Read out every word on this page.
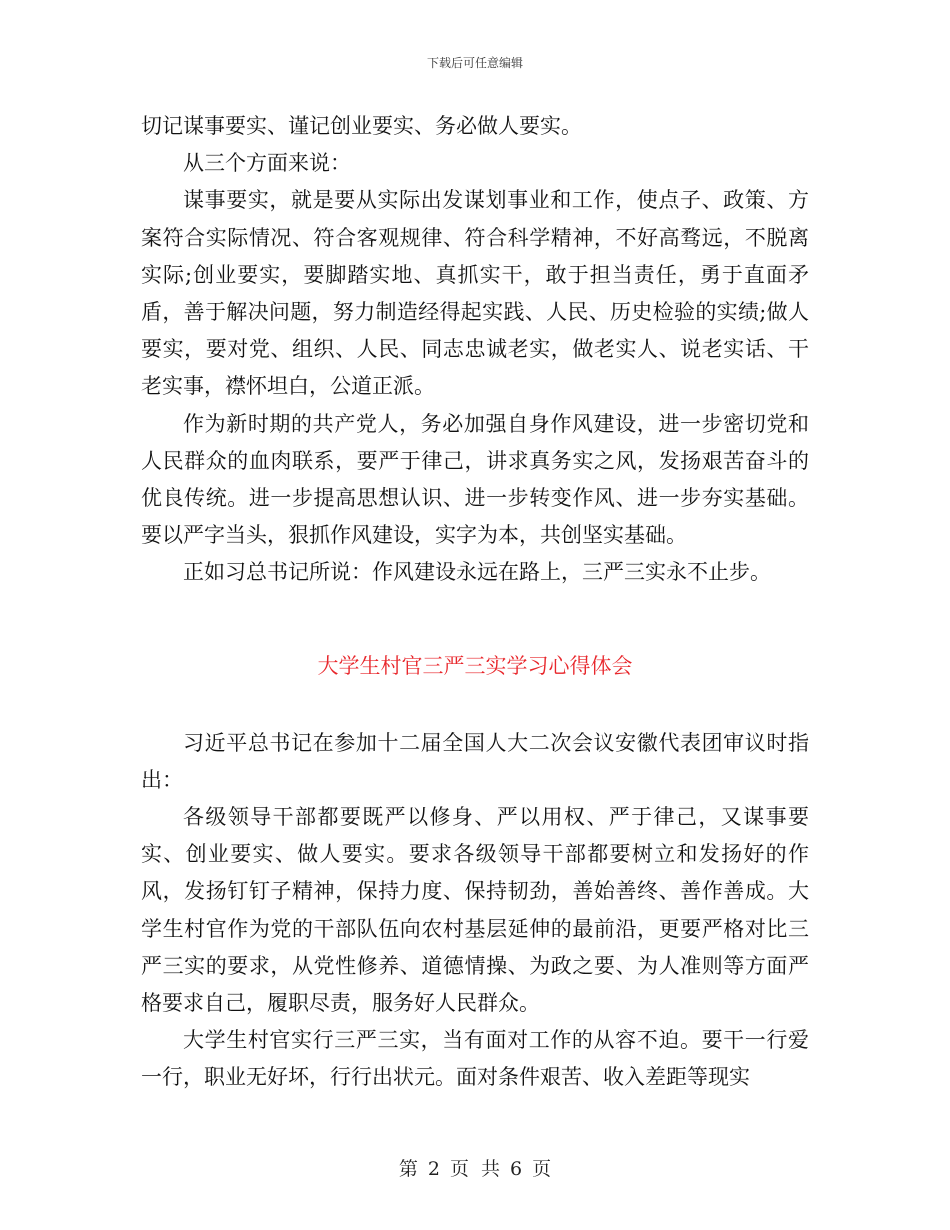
下载后可任意编辑

切记谋事要实、谨记创业要实、务必做人要实。

从三个方面来说：

谋事要实，就是要从实际出发谋划事业和工作，使点子、政策、方案符合实际情况、符合客观规律、符合科学精神，不好高骛远，不脱离实际;创业要实，要脚踏实地、真抓实干，敢于担当责任，勇于直面矛盾，善于解决问题，努力制造经得起实践、人民、历史检验的实绩;做人要实，要对党、组织、人民、同志忠诚老实，做老实人、说老实话、干老实事，襟怀坦白，公道正派。

作为新时期的共产党人，务必加强自身作风建设，进一步密切党和人民群众的血肉联系，要严于律己，讲求真务实之风，发扬艰苦奋斗的优良传统。进一步提高思想认识、进一步转变作风、进一步夯实基础。要以严字当头，狠抓作风建设，实字为本，共创坚实基础。

正如习总书记所说：作风建设永远在路上，三严三实永不止步。

大学生村官三严三实学习心得体会

习近平总书记在参加十二届全国人大二次会议安徽代表团审议时指出：

各级领导干部都要既严以修身、严以用权、严于律己，又谋事要实、创业要实、做人要实。要求各级领导干部都要树立和发扬好的作风，发扬钉钉子精神，保持力度、保持韧劲，善始善终、善作善成。大学生村官作为党的干部队伍向农村基层延伸的最前沿，更要严格对比三严三实的要求，从党性修养、道德情操、为政之要、为人准则等方面严格要求自己，履职尽责，服务好人民群众。

大学生村官实行三严三实，当有面对工作的从容不迫。要干一行爱一行，职业无好坏，行行出状元。面对条件艰苦、收入差距等现实

第 2 页 共 6 页
